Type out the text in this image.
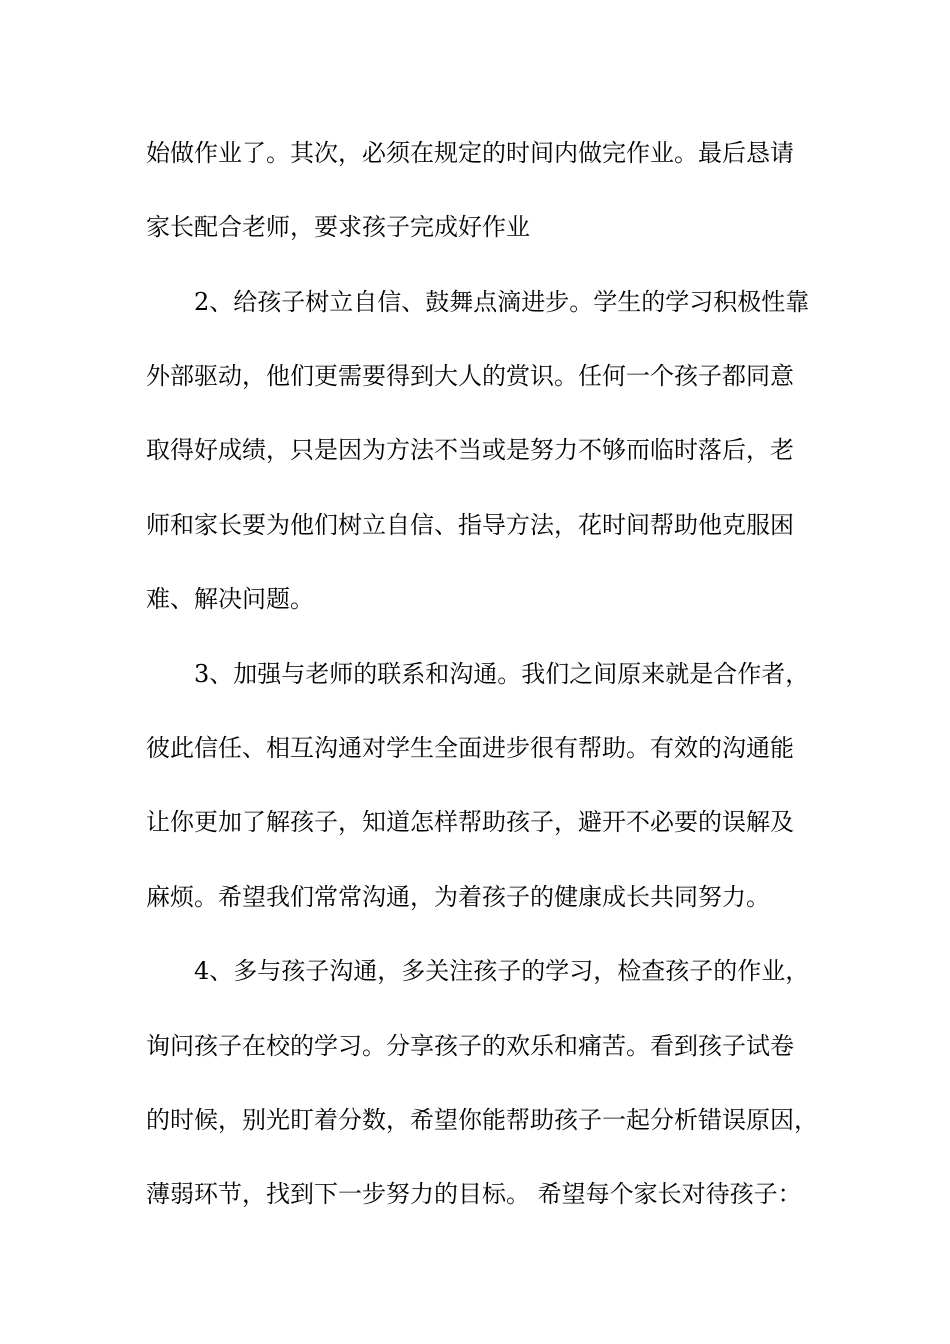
始做作业了。其次，必须在规定的时间内做完作业。最后恳请
家长配合老师，要求孩子完成好作业
2、给孩子树立自信、鼓舞点滴进步。学生的学习积极性靠
外部驱动，他们更需要得到大人的赏识。任何一个孩子都同意
取得好成绩，只是因为方法不当或是努力不够而临时落后，老
师和家长要为他们树立自信、指导方法，花时间帮助他克服困
难、解决问题。
3、加强与老师的联系和沟通。我们之间原来就是合作者，
彼此信任、相互沟通对学生全面进步很有帮助。有效的沟通能
让你更加了解孩子，知道怎样帮助孩子，避开不必要的误解及
麻烦。希望我们常常沟通，为着孩子的健康成长共同努力。
4、多与孩子沟通，多关注孩子的学习，检查孩子的作业，
询问孩子在校的学习。分享孩子的欢乐和痛苦。看到孩子试卷
的时候，别光盯着分数，希望你能帮助孩子一起分析错误原因，
薄弱环节，找到下一步努力的目标。 希望每个家长对待孩子：
